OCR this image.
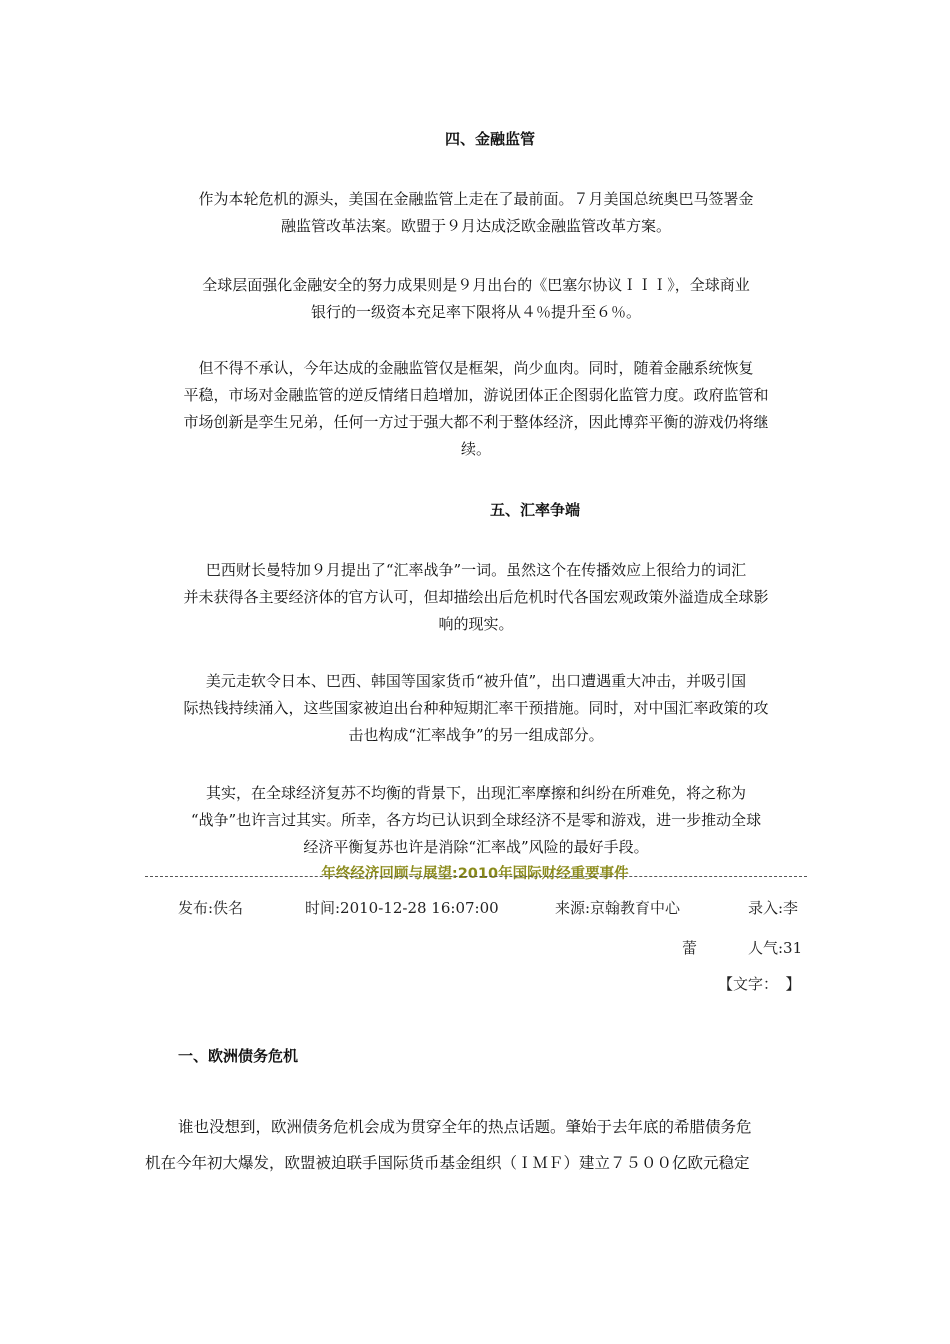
四、金融监管
作为本轮危机的源头，美国在金融监管上走在了最前面。７月美国总统奥巴马签署金
融监管改革法案。欧盟于９月达成泛欧金融监管改革方案。
全球层面强化金融安全的努力成果则是９月出台的《巴塞尔协议ＩＩＩ》，全球商业
银行的一级资本充足率下限将从４％提升至６％。
但不得不承认，今年达成的金融监管仅是框架，尚少血肉。同时，随着金融系统恢复
平稳，市场对金融监管的逆反情绪日趋增加，游说团体正企图弱化监管力度。政府监管和
市场创新是孪生兄弟，任何一方过于强大都不利于整体经济，因此博弈平衡的游戏仍将继
续。
五、汇率争端
巴西财长曼特加９月提出了“汇率战争”一词。虽然这个在传播效应上很给力的词汇
并未获得各主要经济体的官方认可，但却描绘出后危机时代各国宏观政策外溢造成全球影
响的现实。
美元走软令日本、巴西、韩国等国家货币“被升值”，出口遭遇重大冲击，并吸引国
际热钱持续涌入，这些国家被迫出台种种短期汇率干预措施。同时，对中国汇率政策的攻
击也构成“汇率战争”的另一组成部分。
其实，在全球经济复苏不均衡的背景下，出现汇率摩擦和纠纷在所难免，将之称为
“战争”也许言过其实。所幸，各方均已认识到全球经济不是零和游戏，进一步推动全球
经济平衡复苏也许是消除“汇率战”风险的最好手段。
年终经济回顾与展望:2010年国际财经重要事件
发布:佚名	时间:2010-12-28 16:07:00	来源:京翰教育中心	录入:李
蕾	人气:31
【文字：　】
一、欧洲债务危机
谁也没想到，欧洲债务危机会成为贯穿全年的热点话题。肇始于去年底的希腊债务危
机在今年初大爆发，欧盟被迫联手国际货币基金组织（ＩＭＦ）建立７５００亿欧元稳定
